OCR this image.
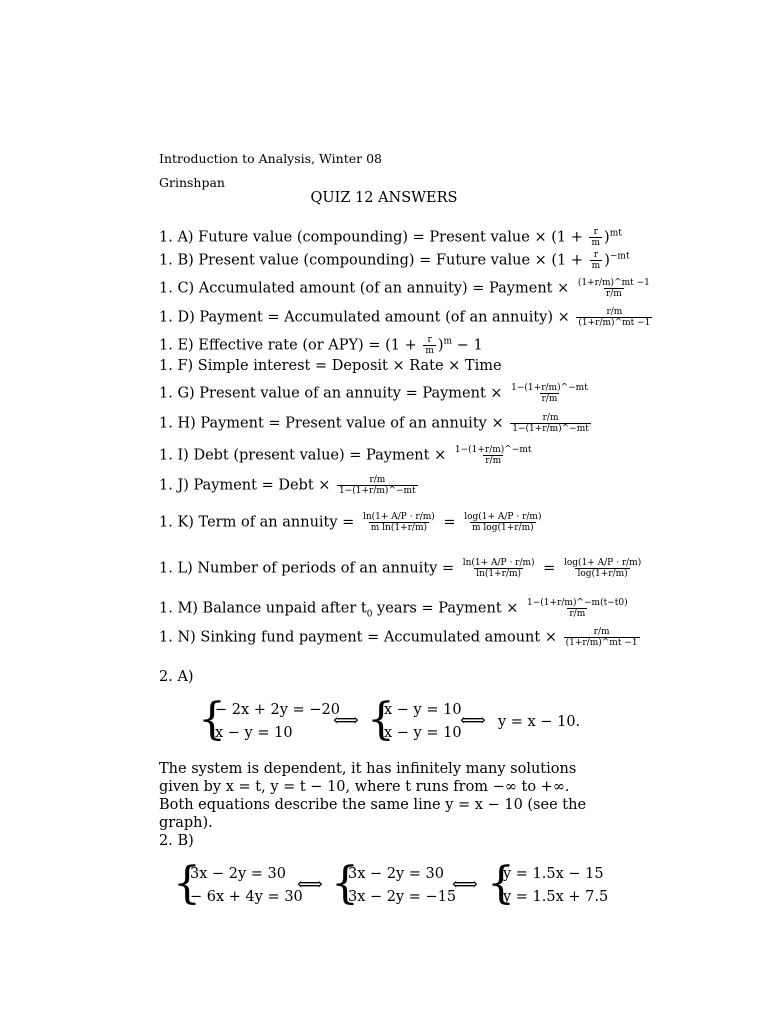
Introduction to Analysis, Winter 08
Grinshpan
QUIZ 12 ANSWERS
1. A) Future value (compounding) = Present value × $(1 + \frac{r}{m} )^{mt}$
1. B) Present value (compounding) = Future value × $(1 + \frac{r}{m} )^{-mt}$
1. C) Accumulated amount (of an annuity) = Payment × $\frac{(1+r/m)\^{}mt -1}{r/m}$
1. D) Payment = Accumulated amount (of an annuity) × $\frac{r/m}{(1+r/m)\^{}mt -1}$
1. E) Effective rate (or $APY) = (1 + \frac{r}{m} )^m - 1$
1. F) Simple interest = Deposit × Rate × Time
1. G) Present value of an annuity = Payment × $\frac{1-(1+r/m)\^{}-mt}{r/m}$
1. H) Payment = Present value of an annuity × $\frac{r/m}{1-(1+r/m)\^{}-mt}$
1. I) Debt (present value) = Payment × $\frac{1-(1+r/m)\^{}-mt}{r/m}$
1. J) Payment = Debt × $\frac{r/m}{1-(1+r/m)\^{}-mt}$
1. K) Term of an annuity = $\frac{\ln(1+ A/P \cdot r/m)}{\text{m ln(1+r/m)}} = \frac{\log(1+ A/P \cdot r/m)}{\text{m log(1+r/m)}}$
1. L) Number of periods of an annuity = $\frac{\ln(1+ A/P \cdot r/m)}{\ln(1+r/m)} = \frac{\log(1+ A/P \cdot r/m)}{\log(1+r/m)}$
1. M) Balance unpaid after $t_0$ years = Payment × $\frac{1-(1+r/m)\^{}-m(t-t0)}{r/m}$
1. N) Sinking fund payment = Accumulated amount × $\frac{r/m}{(1+r/m)\^{}mt -1}$
2. A)
{
− 2x + 2y = −20
x − y = 10
⟺ {
x − y = 10
x − y = 10
⟺ y = x − 10.
The system is dependent, it has infinitely many solutions given by x = t, y = t − 10, where t runs from −∞ to +∞. Both equations describe the same line y = x − 10 (see the graph).
2. B)
{
3x − 2y = 30
− 6x + 4y = 30
⟺ {
3x − 2y = 30
3x − 2y = −15
⟺ {
y = 1.5x − 15
y = 1.5x + 7.5
